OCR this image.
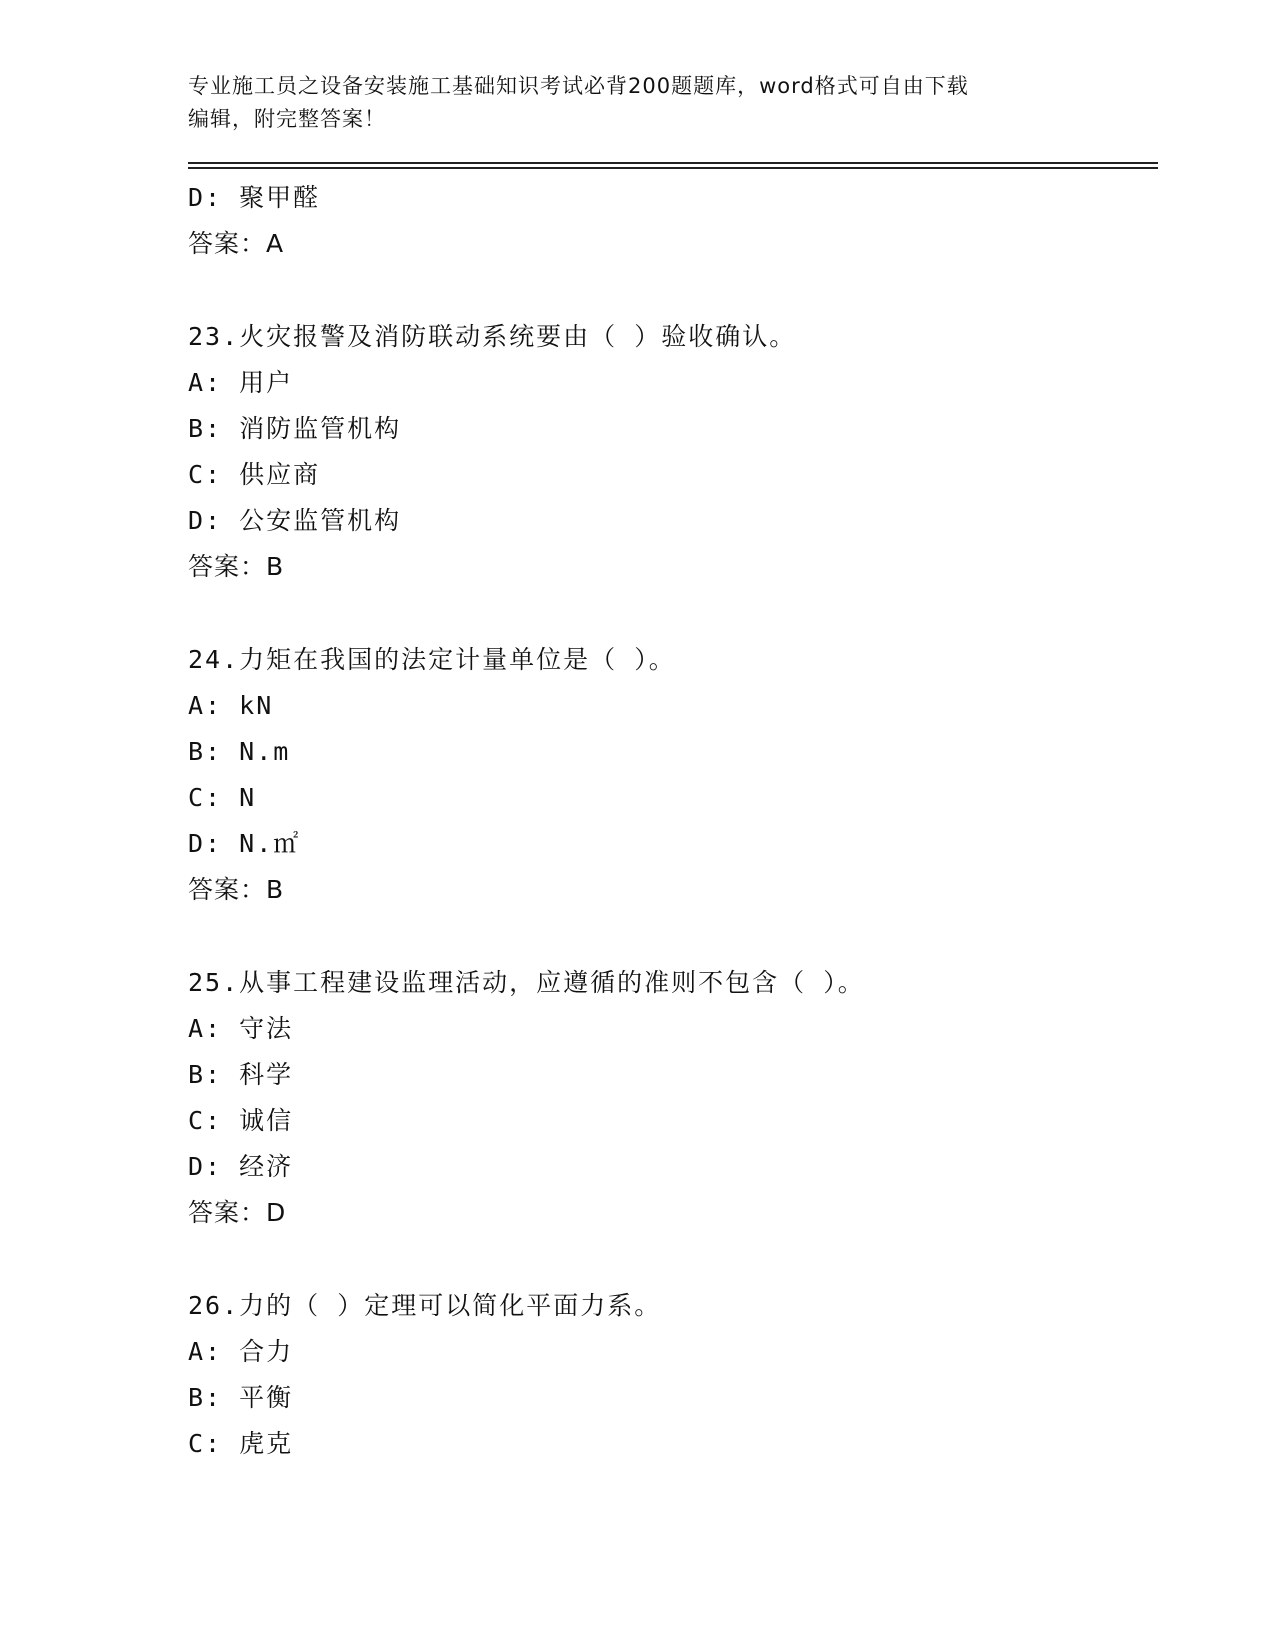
专业施工员之设备安装施工基础知识考试必背200题题库，word格式可自由下载

编辑，附完整答案！

D: 聚甲醛
答案：A
23.火灾报警及消防联动系统要由（ ）验收确认。
A: 用户
B: 消防监管机构
C: 供应商
D: 公安监管机构
答案：B
24.力矩在我国的法定计量单位是（ ）。
A: kN
B: N.m
C: N
D: N.㎡
答案：B
25.从事工程建设监理活动，应遵循的准则不包含（ ）。
A: 守法
B: 科学
C: 诚信
D: 经济
答案：D
26.力的（ ）定理可以简化平面力系。
A: 合力
B: 平衡
C: 虎克
